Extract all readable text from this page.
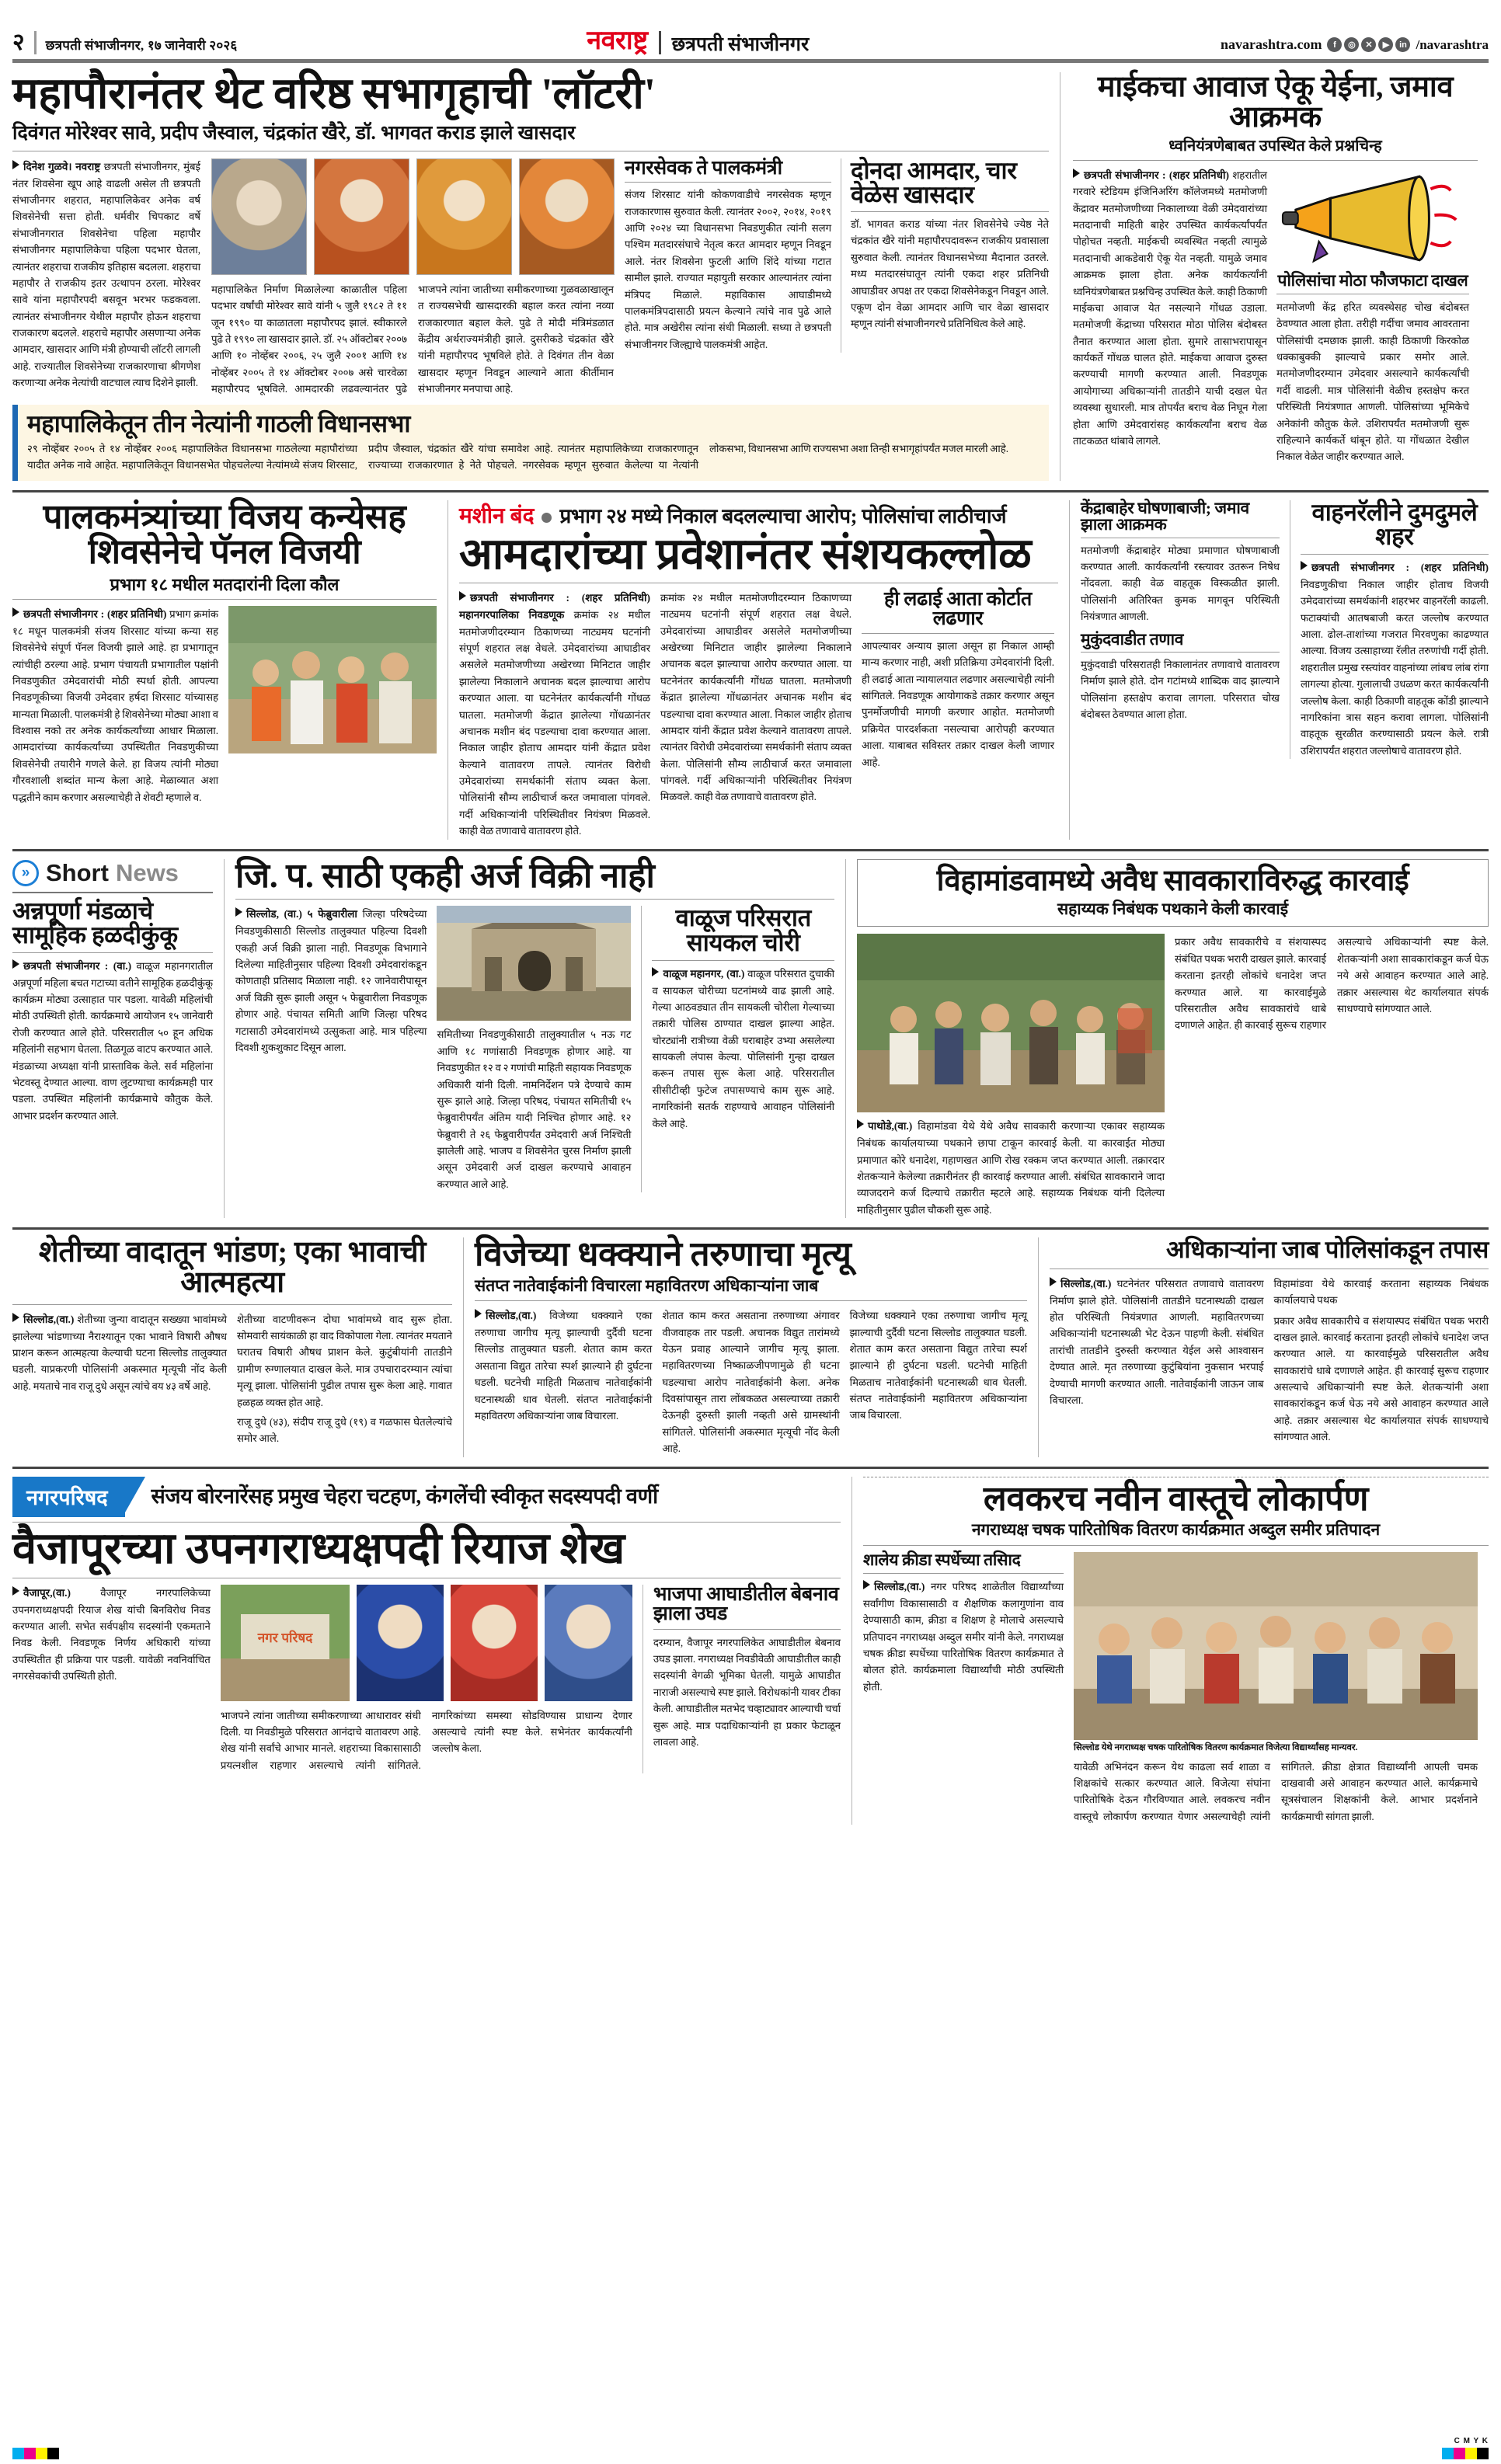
२ छत्रपती संभाजीनगर, १७ जानेवारी २०२६	नवराष्ट्र छत्रपती संभाजीनगर	navarashtra.com	f	◎	✕	▶	in /navarashtra
महापौरानंतर थेट वरिष्ठ सभागृहाची 'लॉटरी'
दिवंगत मोरेश्वर सावे, प्रदीप जैस्वाल, चंद्रकांत खैरे, डॉ. भागवत कराड झाले खासदार
दिनेश गुळवे। नवराष्ट्र छत्रपती संभाजीनगर, मुंबई नंतर शिवसेना खूप आहे वाढली असेल ती छत्रपती संभाजीनगर शहरात, महापालिकेवर अनेक वर्ष शिवसेनेची सत्ता होती. धर्मवीर चिपकाट वर्षे संभाजीनगरात शिवसेनेचा पहिला महापौर संभाजीनगर महापालिकेचा पहिला पदभार घेतला, त्यानंतर शहराचा राजकीय इतिहास बदलला. शहराचा महापौर ते राजकीय इतर उत्थापन ठरला. मोरेश्वर सावे यांना महापौरपदी बसवून भरभर फडकवला. त्यानंतर संभाजीनगर येथील महापौर होऊन शहराचा राजकारण बदलले. शहराचे महापौर असणाऱ्या अनेक आमदार, खासदार आणि मंत्री होण्याची लॉटरी लागली आहे. राज्यातील शिवसेनेच्या राजकारणाचा श्रीगणेश करणाऱ्या अनेक नेत्यांची वाटचाल त्याच दिशेने झाली.
महापालिकेत निर्माण मिळालेल्या काळातील पहिला पदभार वर्षांची मोरेश्वर सावे यांनी ५ जुलै १९८२ ते ११ जून १९९० या काळातला महापौरपद झालं. स्वीकारले पुढे ते १९९० ला खासदार झाले. डॉ. २५ ऑक्टोबर २००७ आणि १० नोव्हेंबर २००६, २५ जुलै २००१ आणि १४ नोव्हेंबर २००५ ते १४ ऑक्टोबर २००७ असे चारवेळा महापौरपद भूषविले. आमदारकी लढवल्यानंतर पुढे भाजपने त्यांना जातीच्या समीकरणाच्या गुळवळाखालून त राज्यसभेची खासदारकी बहाल करत त्यांना नव्या राजकारणात बहाल केले. पुढे ते मोदी मंत्रिमंडळात केंद्रीय अर्थराज्यमंत्रीही झाले. दुसरीकडे चंद्रकांत खैरे यांनी महापौरपद भूषविले होते. ते दिवंगत तीन वेळा खासदार म्हणून निवडून आल्याने आता कीर्तीमान संभाजीनगर मनपाचा आहे.
नगरसेवक ते पालकमंत्री
संजय शिरसाट यांनी कोकणवाडीचे नगरसेवक म्हणून राजकारणास सुरुवात केली. त्यानंतर २००२, २०१४, २०१९ आणि २०२४ च्या विधानसभा निवडणुकीत त्यांनी सलग पश्चिम मतदारसंघाचे नेतृत्व करत आमदार म्हणून निवडून आले. नंतर शिवसेना फुटली आणि शिंदे यांच्या गटात सामील झाले. राज्यात महायुती सरकार आल्यानंतर त्यांना मंत्रिपद मिळाले. महाविकास आघाडीमध्ये पालकमंत्रिपदासाठी प्रयत्न केल्याने त्यांचे नाव पुढे आले होते. मात्र अखेरीस त्यांना संधी मिळाली. सध्या ते छत्रपती संभाजीनगर जिल्ह्याचे पालकमंत्री आहेत.
दोनदा आमदार, चार वेळेस खासदार
डॉ. भागवत कराड यांच्या नंतर शिवसेनेचे ज्येष्ठ नेते चंद्रकांत खैरे यांनी महापौरपदावरून राजकीय प्रवासाला सुरुवात केली. त्यानंतर विधानसभेच्या मैदानात उतरले. मध्य मतदारसंघातून त्यांनी एकदा शहर प्रतिनिधी आघाडीवर अपक्ष तर एकदा शिवसेनेकडून निवडून आले. एकूण दोन वेळा आमदार आणि चार वेळा खासदार म्हणून त्यांनी संभाजीनगरचे प्रतिनिधित्व केले आहे.
महापालिकेतून तीन नेत्यांनी गाठली विधानसभा
२९ नोव्हेंबर २००५ ते १४ नोव्हेंबर २००६ महापालिकेत विधानसभा गाठलेल्या महापौरांच्या यादीत अनेक नावे आहेत. महापालिकेतून विधानसभेत पोहचलेल्या नेत्यांमध्ये संजय शिरसाट, प्रदीप जैस्वाल, चंद्रकांत खैरे यांचा समावेश आहे. त्यानंतर महापालिकेच्या राजकारणातून राज्याच्या राजकारणात हे नेते पोहचले. नगरसेवक म्हणून सुरुवात केलेल्या या नेत्यांनी लोकसभा, विधानसभा आणि राज्यसभा अशा तिन्ही सभागृहांपर्यंत मजल मारली आहे.
माईकचा आवाज ऐकू येईना, जमाव आक्रमक
ध्वनियंत्रणेबाबत उपस्थित केले प्रश्नचिन्ह
छत्रपती संभाजीनगर : (शहर प्रतिनिधी) शहरातील गरवारे स्टेडियम इंजिनिअरिंग कॉलेजमध्ये मतमोजणी केंद्रावर मतमोजणीच्या निकालाच्या वेळी उमेदवारांच्या मतदानाची माहिती बाहेर उपस्थित कार्यकर्त्यांपर्यंत पोहोचत नव्हती. माईकची व्यवस्थित नव्हती त्यामुळे मतदानाची आकडेवारी ऐकू येत नव्हती. यामुळे जमाव आक्रमक झाला होता. अनेक कार्यकर्त्यांनी ध्वनियंत्रणेबाबत प्रश्नचिन्ह उपस्थित केले. काही ठिकाणी माईकचा आवाज येत नसल्याने गोंधळ उडाला. मतमोजणी केंद्राच्या परिसरात मोठा पोलिस बंदोबस्त तैनात करण्यात आला होता. सुमारे तासाभरापासून कार्यकर्ते गोंधळ घालत होते. माईकचा आवाज दुरुस्त करण्याची मागणी करण्यात आली. निवडणूक आयोगाच्या अधिकाऱ्यांनी तातडीने याची दखल घेत व्यवस्था सुधारली. मात्र तोपर्यंत बराच वेळ निघून गेला होता आणि उमेदवारांसह कार्यकर्त्यांना बराच वेळ ताटकळत थांबावे लागले.
पोलिसांचा मोठा फौजफाटा दाखल
मतमोजणी केंद्र हरित व्यवस्थेसह चोख बंदोबस्त ठेवण्यात आला होता. तरीही गर्दीचा जमाव आवरताना पोलिसांची दमछाक झाली. काही ठिकाणी किरकोळ धक्काबुक्की झाल्याचे प्रकार समोर आले. मतमोजणीदरम्यान उमेदवार असल्याने कार्यकर्त्यांची गर्दी वाढली. मात्र पोलिसांनी वेळीच हस्तक्षेप करत परिस्थिती नियंत्रणात आणली. पोलिसांच्या भूमिकेचे अनेकांनी कौतुक केले. उशिरापर्यंत मतमोजणी सुरू राहिल्याने कार्यकर्ते थांबून होते. या गोंधळात देखील निकाल वेळेत जाहीर करण्यात आले.
पालकमंत्र्यांच्या विजय कन्येसह शिवसेनेचे पॅनल विजयी
प्रभाग १८ मधील मतदारांनी दिला कौल
छत्रपती संभाजीनगर : (शहर प्रतिनिधी) प्रभाग क्रमांक १८ मधून पालकमंत्री संजय शिरसाट यांच्या कन्या सह शिवसेनेचे संपूर्ण पॅनल विजयी झाले आहे. हा प्रभागातून त्यांचीही ठरल्या आहे. प्रभाग पंचायती प्रभागातील पक्षांनी निवडणुकीत उमेदवारांची मोठी स्पर्धा होती. आपल्या निवडणूकीच्या विजयी उमेदवार हर्षदा शिरसाट यांच्यासह मान्यता मिळाली. पालकमंत्री हे शिवसेनेच्या मोठ्या आशा व विश्वास नको तर अनेक कार्यकर्त्यांच्या आधार मिळाला. आमदारांच्या कार्यकर्त्यांच्या उपस्थितीत निवडणुकीच्या शिवसेनेची तयारीने गणले केले. हा विजय त्यांनी मोठ्या गौरवशाली शब्दांत मान्य केला आहे. मेळाव्यात अशा पद्धतीने काम करणार असल्याचेही ते शेवटी म्हणाले व.
मशीन बंद प्रभाग २४ मध्ये निकाल बदलल्याचा आरोप; पोलिसांचा लाठीचार्ज
आमदारांच्या प्रवेशानंतर संशयकल्लोळ
छत्रपती संभाजीनगर : (शहर प्रतिनिधी) महानगरपालिका निवडणूक क्रमांक २४ मधील मतमोजणीदरम्यान ठिकाणच्या नाट्यमय घटनांनी संपूर्ण शहरात लक्ष वेधले. उमेदवारांच्या आघाडीवर असलेले मतमोजणीच्या अखेरच्या मिनिटात जाहीर झालेल्या निकालाने अचानक बदल झाल्याचा आरोप करण्यात आला. या घटनेनंतर कार्यकर्त्यांनी गोंधळ घातला. मतमोजणी केंद्रात झालेल्या गोंधळानंतर अचानक मशीन बंद पडल्याचा दावा करण्यात आला. निकाल जाहीर होताच आमदार यांनी केंद्रात प्रवेश केल्याने वातावरण तापले. त्यानंतर विरोधी उमेदवारांच्या समर्थकांनी संताप व्यक्त केला. पोलिसांनी सौम्य लाठीचार्ज करत जमावाला पांगवले. गर्दी अधिकाऱ्यांनी परिस्थितीवर नियंत्रण मिळवले. काही वेळ तणावाचे वातावरण होते.
क्रमांक २४ मधील मतमोजणीदरम्यान ठिकाणच्या नाट्यमय घटनांनी संपूर्ण शहरात लक्ष वेधले. उमेदवारांच्या आघाडीवर असलेले मतमोजणीच्या अखेरच्या मिनिटात जाहीर झालेल्या निकालाने अचानक बदल झाल्याचा आरोप करण्यात आला. या घटनेनंतर कार्यकर्त्यांनी गोंधळ घातला. मतमोजणी केंद्रात झालेल्या गोंधळानंतर अचानक मशीन बंद पडल्याचा दावा करण्यात आला. निकाल जाहीर होताच आमदार यांनी केंद्रात प्रवेश केल्याने वातावरण तापले. त्यानंतर विरोधी उमेदवारांच्या समर्थकांनी संताप व्यक्त केला. पोलिसांनी सौम्य लाठीचार्ज करत जमावाला पांगवले. गर्दी अधिकाऱ्यांनी परिस्थितीवर नियंत्रण मिळवले. काही वेळ तणावाचे वातावरण होते.
ही लढाई आता कोर्टात लढणार
आपल्यावर अन्याय झाला असून हा निकाल आम्ही मान्य करणार नाही, अशी प्रतिक्रिया उमेदवारांनी दिली. ही लढाई आता न्यायालयात लढणार असल्याचेही त्यांनी सांगितले. निवडणूक आयोगाकडे तक्रार करणार असून पुनर्मोजणीची मागणी करणार आहोत. मतमोजणी प्रक्रियेत पारदर्शकता नसल्याचा आरोपही करण्यात आला. याबाबत सविस्तर तक्रार दाखल केली जाणार आहे.
केंद्राबाहेर घोषणाबाजी; जमाव झाला आक्रमक
मतमोजणी केंद्राबाहेर मोठ्या प्रमाणात घोषणाबाजी करण्यात आली. कार्यकर्त्यांनी रस्त्यावर उतरून निषेध नोंदवला. काही वेळ वाहतूक विस्कळीत झाली. पोलिसांनी अतिरिक्त कुमक मागवून परिस्थिती नियंत्रणात आणली.
मुकुंदवाडीत तणाव
मुकुंदवाडी परिसरातही निकालानंतर तणावाचे वातावरण निर्माण झाले होते. दोन गटांमध्ये शाब्दिक वाद झाल्याने पोलिसांना हस्तक्षेप करावा लागला. परिसरात चोख बंदोबस्त ठेवण्यात आला होता.
वाहनरॅलीने दुमदुमले शहर
छत्रपती संभाजीनगर : (शहर प्रतिनिधी) निवडणुकीचा निकाल जाहीर होताच विजयी उमेदवारांच्या समर्थकांनी शहरभर वाहनरॅली काढली. फटाक्यांची आतषबाजी करत जल्लोष करण्यात आला. ढोल-ताशांच्या गजरात मिरवणुका काढण्यात आल्या. विजय उत्साहाच्या रॅलीत तरुणांची गर्दी होती. शहरातील प्रमुख रस्त्यांवर वाहनांच्या लांबच लांब रांगा लागल्या होत्या. गुलालाची उधळण करत कार्यकर्त्यांनी जल्लोष केला. काही ठिकाणी वाहतूक कोंडी झाल्याने नागरिकांना त्रास सहन करावा लागला. पोलिसांनी वाहतूक सुरळीत करण्यासाठी प्रयत्न केले. रात्री उशिरापर्यंत शहरात जल्लोषाचे वातावरण होते.
» Short News
अन्नपूर्णा मंडळाचे सामूहिक हळदीकुंकू
छत्रपती संभाजीनगर : (वा.) वाळूज महानगरातील अन्नपूर्णा महिला बचत गटाच्या वतीने सामूहिक हळदीकुंकू कार्यक्रम मोठ्या उत्साहात पार पडला. यावेळी महिलांची मोठी उपस्थिती होती. कार्यक्रमाचे आयोजन १५ जानेवारी रोजी करण्यात आले होते. परिसरातील ५० हून अधिक महिलांनी सहभाग घेतला. तिळगूळ वाटप करण्यात आले. मंडळाच्या अध्यक्षा यांनी प्रास्ताविक केले. सर्व महिलांना भेटवस्तू देण्यात आल्या. वाण लुटण्याचा कार्यक्रमही पार पडला. उपस्थित महिलांनी कार्यक्रमाचे कौतुक केले. आभार प्रदर्शन करण्यात आले.
जि. प. साठी एकही अर्ज विक्री नाही
सिल्लोड, (वा.) ५ फेब्रुवारीला जिल्हा परिषदेच्या निवडणुकीसाठी सिल्लोड तालुक्यात पहिल्या दिवशी एकही अर्ज विक्री झाला नाही. निवडणूक विभागाने दिलेल्या माहितीनुसार पहिल्या दिवशी उमेदवारांकडून कोणताही प्रतिसाद मिळाला नाही. १२ जानेवारीपासून अर्ज विक्री सुरू झाली असून ५ फेब्रुवारीला निवडणूक होणार आहे. पंचायत समिती आणि जिल्हा परिषद गटासाठी उमेदवारांमध्ये उत्सुकता आहे. मात्र पहिल्या दिवशी शुकशुकाट दिसून आला.
समितीच्या निवडणुकीसाठी तालुक्यातील ५ नऊ गट आणि १८ गणांसाठी निवडणूक होणार आहे. या निवडणुकीत १२ व २ गणांची माहिती सहायक निवडणूक अधिकारी यांनी दिली. नामनिर्देशन पत्रे देण्याचे काम सुरू झाले आहे. जिल्हा परिषद, पंचायत समितीची १५ फेब्रुवारीपर्यंत अंतिम यादी निश्चित होणार आहे. १२ फेब्रुवारी ते २६ फेब्रुवारीपर्यंत उमेदवारी अर्ज निश्चिती झालेली आहे. भाजप व शिवसेनेत चुरस निर्माण झाली असून उमेदवारी अर्ज दाखल करण्याचे आवाहन करण्यात आले आहे.
वाळूज परिसरात सायकल चोरी
वाळूज महानगर, (वा.) वाळूज परिसरात दुचाकी व सायकल चोरीच्या घटनांमध्ये वाढ झाली आहे. गेल्या आठवड्यात तीन सायकली चोरीला गेल्याच्या तक्रारी पोलिस ठाण्यात दाखल झाल्या आहेत. चोरट्यांनी रात्रीच्या वेळी घराबाहेर उभ्या असलेल्या सायकली लंपास केल्या. पोलिसांनी गुन्हा दाखल करून तपास सुरू केला आहे. परिसरातील सीसीटीव्ही फुटेज तपासण्याचे काम सुरू आहे. नागरिकांनी सतर्क राहण्याचे आवाहन पोलिसांनी केले आहे.
विहामांडवामध्ये अवैध सावकाराविरुद्ध कारवाई
सहाय्यक निबंधक पथकाने केली कारवाई
पाथोडे,(वा.) विहामांडवा येथे येथे अवैध सावकारी करणाऱ्या एकावर सहाय्यक निबंधक कार्यालयाच्या पथकाने छापा टाकून कारवाई केली. या कारवाईत मोठ्या प्रमाणात कोरे धनादेश, गहाणखत आणि रोख रक्कम जप्त करण्यात आली. तक्रारदार शेतकऱ्याने केलेल्या तक्रारीनंतर ही कारवाई करण्यात आली. संबंधित सावकाराने जादा व्याजदराने कर्ज दिल्याचे तक्रारीत म्हटले आहे. सहाय्यक निबंधक यांनी दिलेल्या माहितीनुसार पुढील चौकशी सुरू आहे.
प्रकार अवैध सावकारीचे व संशयास्पद संबंधित पथक भरारी दाखल झाले. कारवाई करताना इतरही लोकांचे धनादेश जप्त करण्यात आले. या कारवाईमुळे परिसरातील अवैध सावकारांचे धाबे दणाणले आहेत. ही कारवाई सुरूच राहणार असल्याचे अधिकाऱ्यांनी स्पष्ट केले. शेतकऱ्यांनी अशा सावकारांकडून कर्ज घेऊ नये असे आवाहन करण्यात आले आहे. तक्रार असल्यास थेट कार्यालयात संपर्क साधण्याचे सांगण्यात आले.
शेतीच्या वादातून भांडण; एका भावाची आत्महत्या
सिल्लोड,(वा.) शेतीच्या जुन्या वादातून सख्ख्या भावांमध्ये झालेल्या भांडणाच्या नैराश्यातून एका भावाने विषारी औषध प्राशन करून आत्महत्या केल्याची घटना सिल्लोड तालुक्यात घडली. याप्रकरणी पोलिसांनी अकस्मात मृत्यूची नोंद केली आहे. मयताचे नाव राजू दुधे असून त्यांचे वय ४३ वर्षे आहे.
शेतीच्या वाटणीवरून दोघा भावांमध्ये वाद सुरू होता. सोमवारी सायंकाळी हा वाद विकोपाला गेला. त्यानंतर मयताने घरातच विषारी औषध प्राशन केले. कुटुंबीयांनी तातडीने ग्रामीण रुग्णालयात दाखल केले. मात्र उपचारादरम्यान त्यांचा मृत्यू झाला. पोलिसांनी पुढील तपास सुरू केला आहे. गावात हळहळ व्यक्त होत आहे.
राजू दुधे (४३), संदीप राजू दुधे (१९) व गळफास घेतलेल्यांचे समोर आले.
विजेच्या धक्क्याने तरुणाचा मृत्यू
संतप्त नातेवाईकांनी विचारला महावितरण अधिकाऱ्यांना जाब
सिल्लोड,(वा.) विजेच्या धक्क्याने एका तरुणाचा जागीच मृत्यू झाल्याची दुर्दैवी घटना सिल्लोड तालुक्यात घडली. शेतात काम करत असताना विद्युत तारेचा स्पर्श झाल्याने ही दुर्घटना घडली. घटनेची माहिती मिळताच नातेवाईकांनी घटनास्थळी धाव घेतली. संतप्त नातेवाईकांनी महावितरण अधिकाऱ्यांना जाब विचारला.
शेतात काम करत असताना तरुणाच्या अंगावर वीजवाहक तार पडली. अचानक विद्युत तारांमध्ये येऊन प्रवाह आल्याने जागीच मृत्यू झाला. महावितरणच्या निष्काळजीपणामुळे ही घटना घडल्याचा आरोप नातेवाईकांनी केला. अनेक दिवसांपासून तारा लोंबकळत असल्याच्या तक्रारी देऊनही दुरुस्ती झाली नव्हती असे ग्रामस्थांनी सांगितले. पोलिसांनी अकस्मात मृत्यूची नोंद केली आहे.
विजेच्या धक्क्याने एका तरुणाचा जागीच मृत्यू झाल्याची दुर्दैवी घटना सिल्लोड तालुक्यात घडली. शेतात काम करत असताना विद्युत तारेचा स्पर्श झाल्याने ही दुर्घटना घडली. घटनेची माहिती मिळताच नातेवाईकांनी घटनास्थळी धाव घेतली. संतप्त नातेवाईकांनी महावितरण अधिकाऱ्यांना जाब विचारला.
अधिकाऱ्यांना जाब पोलिसांकडून तपास
सिल्लोड,(वा.) घटनेनंतर परिसरात तणावाचे वातावरण निर्माण झाले होते. पोलिसांनी तातडीने घटनास्थळी दाखल होत परिस्थिती नियंत्रणात आणली. महावितरणच्या अधिकाऱ्यांनी घटनास्थळी भेट देऊन पाहणी केली. संबंधित तारांची तातडीने दुरुस्ती करण्यात येईल असे आश्वासन देण्यात आले. मृत तरुणाच्या कुटुंबियांना नुकसान भरपाई देण्याची मागणी करण्यात आली. नातेवाईकांनी जाऊन जाब विचारला.
विहामांडवा येथे कारवाई करताना सहाय्यक निबंधक कार्यालयाचे पथक
प्रकार अवैध सावकारीचे व संशयास्पद संबंधित पथक भरारी दाखल झाले. कारवाई करताना इतरही लोकांचे धनादेश जप्त करण्यात आले. या कारवाईमुळे परिसरातील अवैध सावकारांचे धाबे दणाणले आहेत. ही कारवाई सुरूच राहणार असल्याचे अधिकाऱ्यांनी स्पष्ट केले. शेतकऱ्यांनी अशा सावकारांकडून कर्ज घेऊ नये असे आवाहन करण्यात आले आहे. तक्रार असल्यास थेट कार्यालयात संपर्क साधण्याचे सांगण्यात आले.
नगरपरिषद	संजय बोरनारेंसह प्रमुख चेहरा चटहण, कंगलेंची स्वीकृत सदस्यपदी वर्णी
वैजापूरच्या उपनगराध्यक्षपदी रियाज शेख
वैजापूर,(वा.)	वैजापूर नगरपालिकेच्या उपनगराध्यक्षपदी रियाज शेख यांची बिनविरोध निवड करण्यात आली. सभेत सर्वपक्षीय सदस्यांनी एकमताने निवड केली. निवडणूक निर्णय अधिकारी यांच्या उपस्थितीत ही प्रक्रिया पार पडली. यावेळी नवनिर्वाचित नगरसेवकांची उपस्थिती होती.
नगर परिषद
भाजपने त्यांना जातीच्या समीकरणाच्या आधारावर संधी दिली. या निवडीमुळे परिसरात आनंदाचे वातावरण आहे. शेख यांनी सर्वांचे आभार मानले. शहराच्या विकासासाठी प्रयत्नशील राहणार असल्याचे त्यांनी सांगितले. नागरिकांच्या समस्या सोडविण्यास प्राधान्य देणार असल्याचे त्यांनी स्पष्ट केले. सभेनंतर कार्यकर्त्यांनी जल्लोष केला.
भाजपा आघाडीतील बेबनाव झाला उघड
दरम्यान, वैजापूर नगरपालिकेत आघाडीतील बेबनाव उघड झाला. नगराध्यक्ष निवडीवेळी आघाडीतील काही सदस्यांनी वेगळी भूमिका घेतली. यामुळे आघाडीत नाराजी असल्याचे स्पष्ट झाले. विरोधकांनी यावर टीका केली. आघाडीतील मतभेद चव्हाट्यावर आल्याची चर्चा सुरू आहे. मात्र पदाधिकाऱ्यांनी हा प्रकार फेटाळून लावला आहे.
लवकरच नवीन वास्तूचे लोकार्पण
नगराध्यक्ष चषक पारितोषिक वितरण कार्यक्रमात अब्दुल समीर प्रतिपादन
शालेय क्रीडा स्पर्धेच्या तसिाद
सिल्लोड,(वा.) नगर परिषद शाळेतील विद्यार्थ्यांच्या सर्वांगीण विकासासाठी व शैक्षणिक कलागुणांना वाव देण्यासाठी काम, क्रीडा व शिक्षण हे मोलाचे असल्याचे प्रतिपादन नगराध्यक्ष अब्दुल समीर यांनी केले. नगराध्यक्ष चषक क्रीडा स्पर्धेच्या पारितोषिक वितरण कार्यक्रमात ते बोलत होते. कार्यक्रमाला विद्यार्थ्यांची मोठी उपस्थिती होती.
सिल्लोड येथे नगराध्यक्ष चषक पारितोषिक वितरण कार्यक्रमात विजेत्या विद्यार्थ्यांसह मान्यवर.
यावेळी अभिनंदन करून येथ काढला सर्व शाळा व शिक्षकांचे सत्कार करण्यात आले. विजेत्या संघांना पारितोषिके देऊन गौरविण्यात आले. लवकरच नवीन वास्तूचे लोकार्पण करण्यात येणार असल्याचेही त्यांनी सांगितले. क्रीडा क्षेत्रात विद्यार्थ्यांनी आपली चमक दाखवावी असे आवाहन करण्यात आले. कार्यक्रमाचे सूत्रसंचालन शिक्षकांनी केले. आभार प्रदर्शनाने कार्यक्रमाची सांगता झाली.
C M Y K
